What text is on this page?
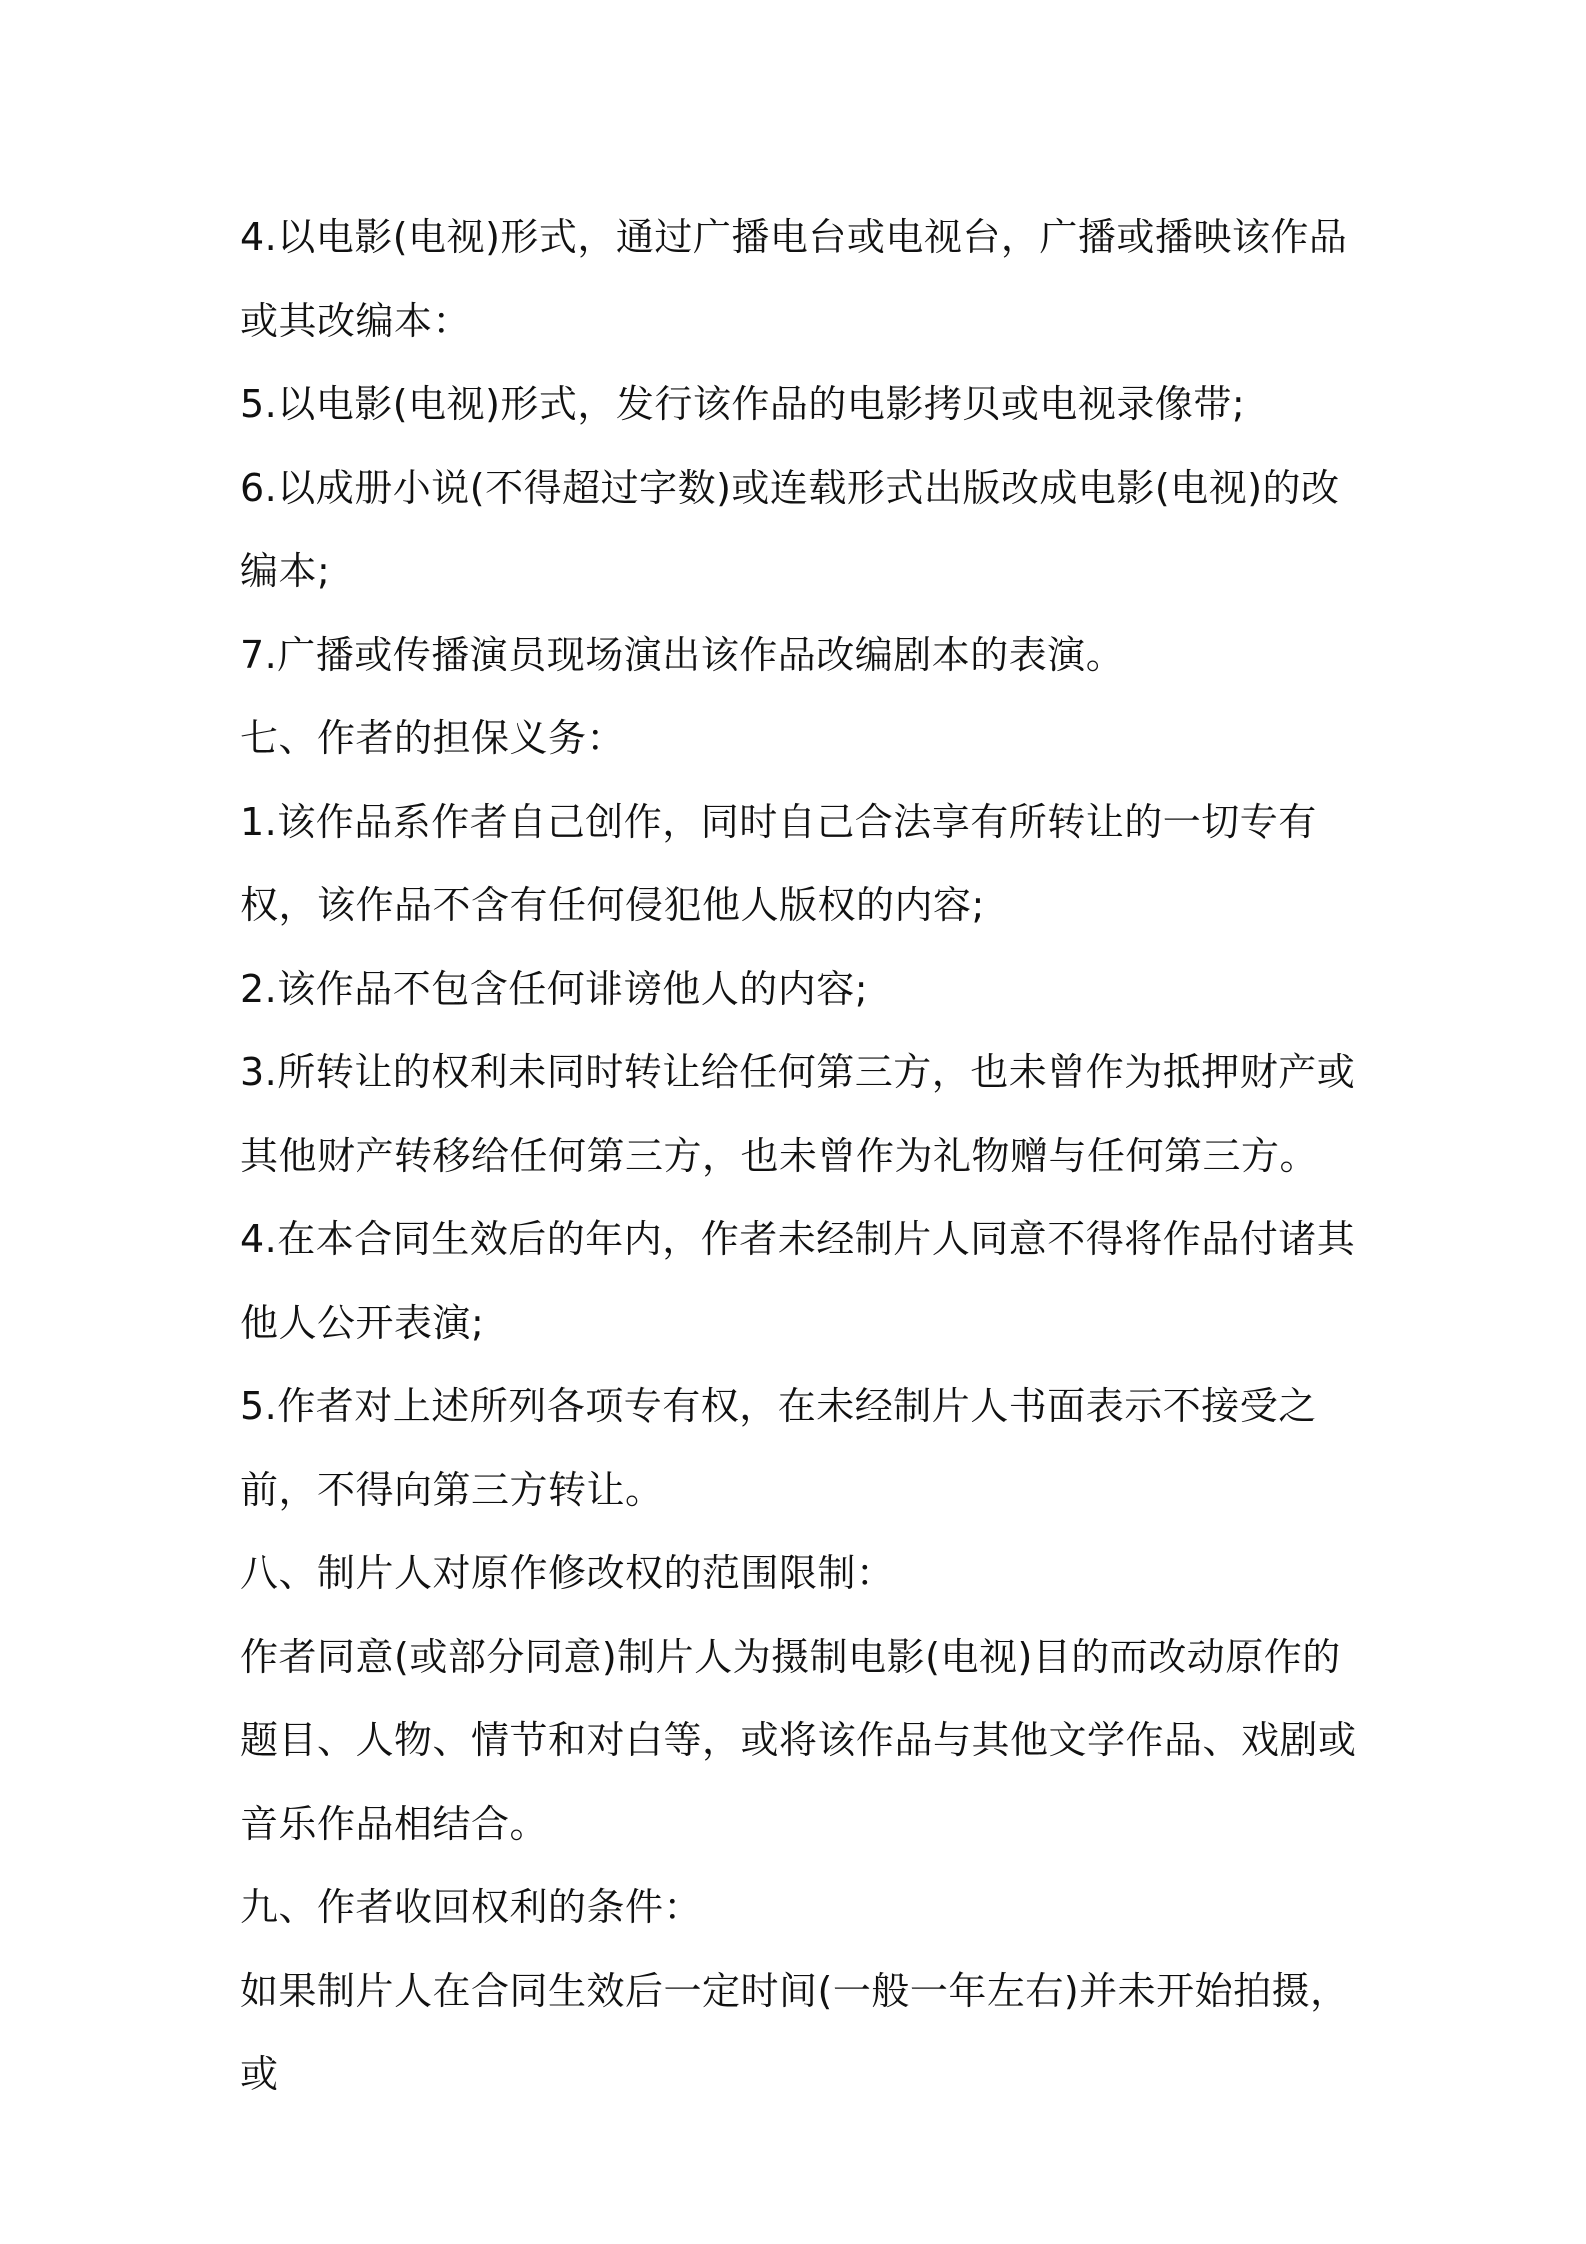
4.以电影(电视)形式，通过广播电台或电视台，广播或播映该作品或其改编本：

5.以电影(电视)形式，发行该作品的电影拷贝或电视录像带;

6.以成册小说(不得超过字数)或连载形式出版改成电影(电视)的改编本;

7.广播或传播演员现场演出该作品改编剧本的表演。

七、作者的担保义务：

1.该作品系作者自己创作，同时自己合法享有所转让的一切专有权，该作品不含有任何侵犯他人版权的内容;

2.该作品不包含任何诽谤他人的内容;

3.所转让的权利未同时转让给任何第三方，也未曾作为抵押财产或其他财产转移给任何第三方，也未曾作为礼物赠与任何第三方。

4.在本合同生效后的年内，作者未经制片人同意不得将作品付诸其他人公开表演;

5.作者对上述所列各项专有权，在未经制片人书面表示不接受之前，不得向第三方转让。

八、制片人对原作修改权的范围限制：

作者同意(或部分同意)制片人为摄制电影(电视)目的而改动原作的题目、人物、情节和对白等，或将该作品与其他文学作品、戏剧或音乐作品相结合。

九、作者收回权利的条件：

如果制片人在合同生效后一定时间(一般一年左右)并未开始拍摄，或
